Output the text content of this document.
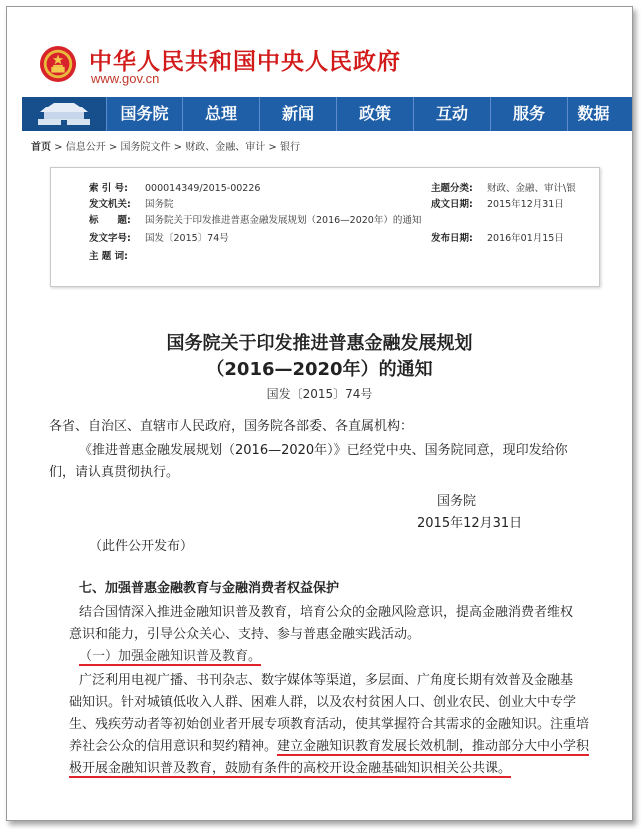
中华人民共和国中央人民政府
www.gov.cn
国务院	总理	新闻	政策	互动	服务	数据
首页 > 信息公开 > 国务院文件 > 财政、金融、审计 > 银行
索 引 号: 000014349/2015-00226	主题分类: 财政、金融、审计\银
发文机关: 国务院	成文日期: 2015年12月31日
标　　题: 国务院关于印发推进普惠金融发展规划（2016—2020年）的通知
发文字号: 国发〔2015〕74号	发布日期: 2016年01月15日
主 题 词:
国务院关于印发推进普惠金融发展规划
（2016—2020年）的通知
国发〔2015〕74号
各省、自治区、直辖市人民政府，国务院各部委、各直属机构：
《推进普惠金融发展规划（2016—2020年）》已经党中央、国务院同意，现印发给你
们，请认真贯彻执行。
国务院
2015年12月31日
（此件公开发布）
七、加强普惠金融教育与金融消费者权益保护
结合国情深入推进金融知识普及教育，培育公众的金融风险意识，提高金融消费者维权
意识和能力，引导公众关心、支持、参与普惠金融实践活动。
（一）加强金融知识普及教育。
广泛利用电视广播、书刊杂志、数字媒体等渠道，多层面、广角度长期有效普及金融基
础知识。针对城镇低收入人群、困难人群，以及农村贫困人口、创业农民、创业大中专学
生、残疾劳动者等初始创业者开展专项教育活动，使其掌握符合其需求的金融知识。注重培
养社会公众的信用意识和契约精神。建立金融知识教育发展长效机制，推动部分大中小学积
极开展金融知识普及教育，鼓励有条件的高校开设金融基础知识相关公共课。
